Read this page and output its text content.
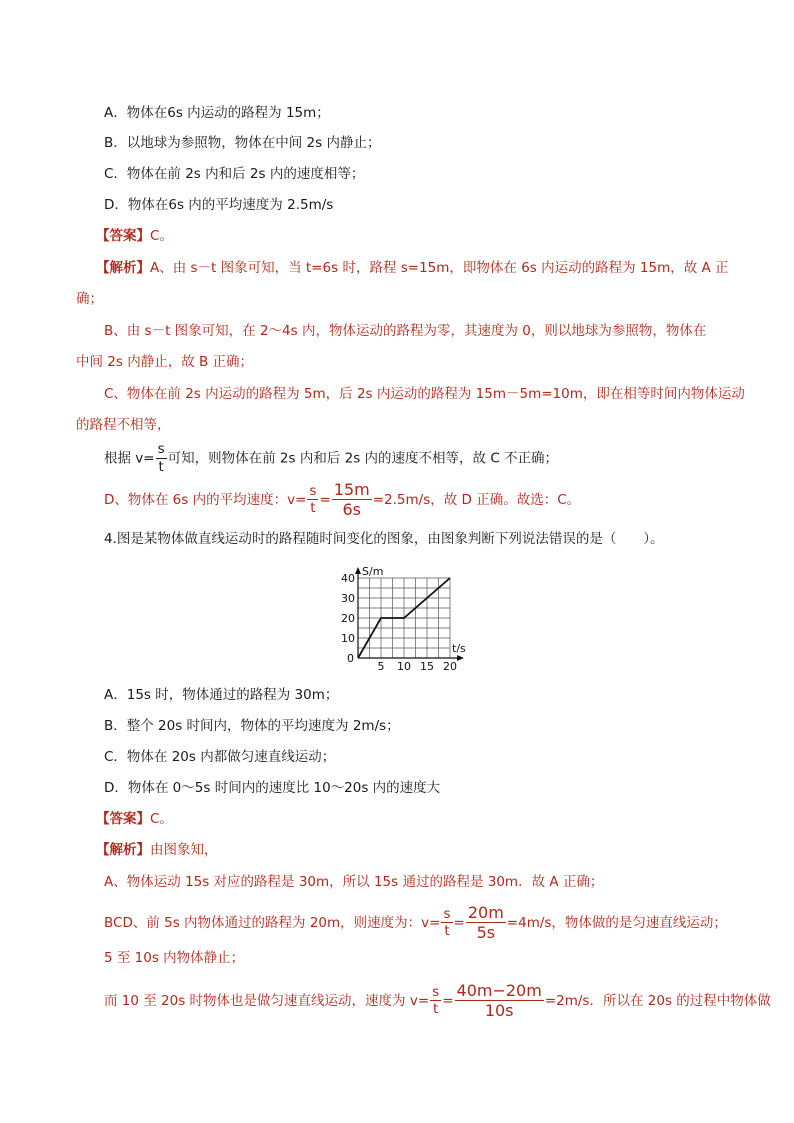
A．物体在6s 内运动的路程为 15m；
B．以地球为参照物，物体在中间 2s 内静止；
C．物体在前 2s 内和后 2s 内的速度相等；
D．物体在6s 内的平均速度为 2.5m/s
【答案】C。
【解析】A、由 s－t 图象可知，当 t=6s 时，路程 s=15m，即物体在 6s 内运动的路程为 15m，故 A 正
确；
B、由 s－t 图象可知，在 2～4s 内，物体运动的路程为零，其速度为 0，则以地球为参照物，物体在
中间 2s 内静止，故 B 正确；
C、物体在前 2s 内运动的路程为 5m，后 2s 内运动的路程为 15m－5m=10m，即在相等时间内物体运动
的路程不相等，
根据 $v= \frac{s}{t}$ 可知，则物体在前 2s 内和后 2s 内的速度不相等，故 C 不正确；
D、物体在 6s 内的平均速度：$v= \frac{s}{t} = \frac{15m}{6s} =2.5m/s$，故 D 正确。故选：C。
4.图是某物体做直线运动时的路程随时间变化的图象，由图象判断下列说法错误的是（　　）。
5 10 15 20
10
20
30
40
0
S/m
t/s
A．15s 时，物体通过的路程为 30m；
B．整个 20s 时间内，物体的平均速度为 2m/s；
C．物体在 20s 内都做匀速直线运动；
D．物体在 0～5s 时间内的速度比 10～20s 内的速度大
【答案】C。
【解析】由图象知，
A、物体运动 15s 对应的路程是 30m，所以 15s 通过的路程是 30m．故 A 正确；
BCD、前 5s 内物体通过的路程为 20m，则速度为：$v= \frac{s}{t} = \frac{20m}{5s} =4m/s$，物体做的是匀速直线运动；
5 至 10s 内物体静止；
而 10 至 20s 时物体也是做匀速直线运动，速度为 $v= \frac{s}{t} = \frac{40m-20m}{10s} =2m/s$．所以在 20s 的过程中物体做
